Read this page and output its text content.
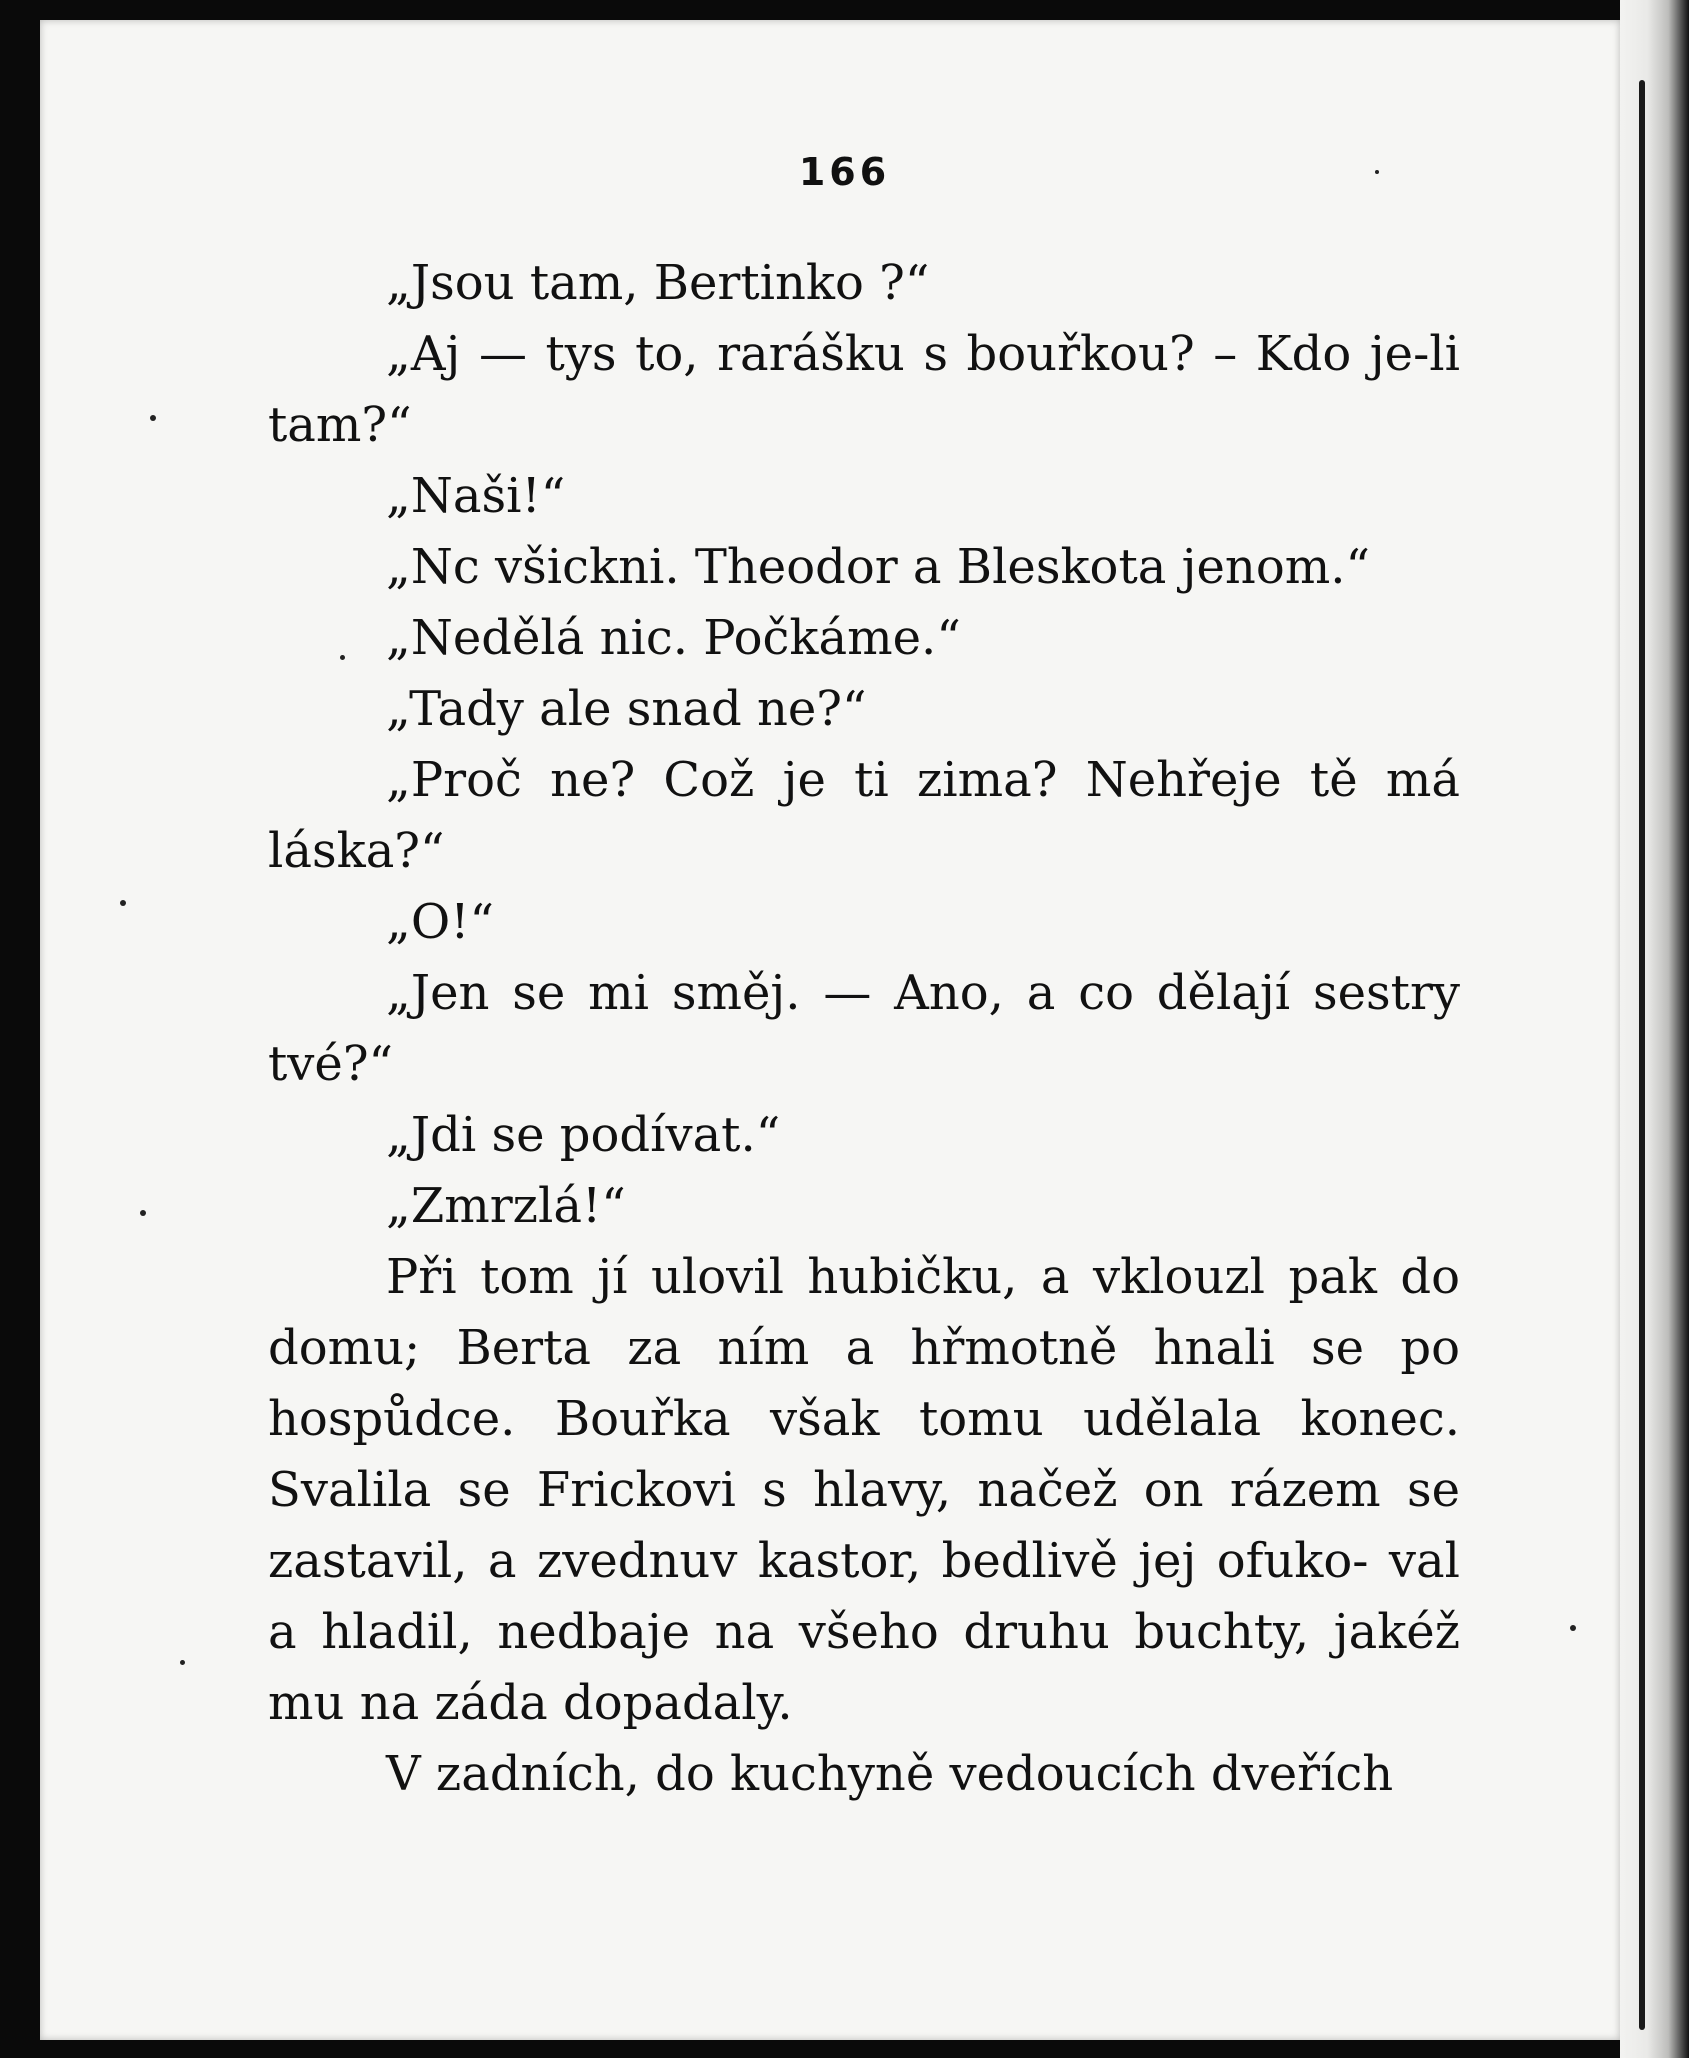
166

„Jsou tam, Bertinko ?“

„Aj — tys to, rarášku s bouřkou? – Kdo je-li tam?“

„Naši!“

„Nc všickni. Theodor a Bleskota jenom.“

„Nedělá nic. Počkáme.“

„Tady ale snad ne?“

„Proč ne? Což je ti zima? Nehřeje tě má láska?“

„O!“

„Jen se mi směj. — Ano, a co dělají sestry tvé?“

„Jdi se podívat.“

„Zmrzlá!“

Při tom jí ulovil hubičku, a vklouzl pak do domu; Berta za ním a hřmotně hnali se po hospůdce. Bouřka však tomu udělala konec. Svalila se Frickovi s hlavy, načež on rázem se zastavil, a zvednuv kastor, bedlivě jej ofuko- val a hladil, nedbaje na všeho druhu buchty, jakéž mu na záda dopadaly.

V zadních, do kuchyně vedoucích dveřích
